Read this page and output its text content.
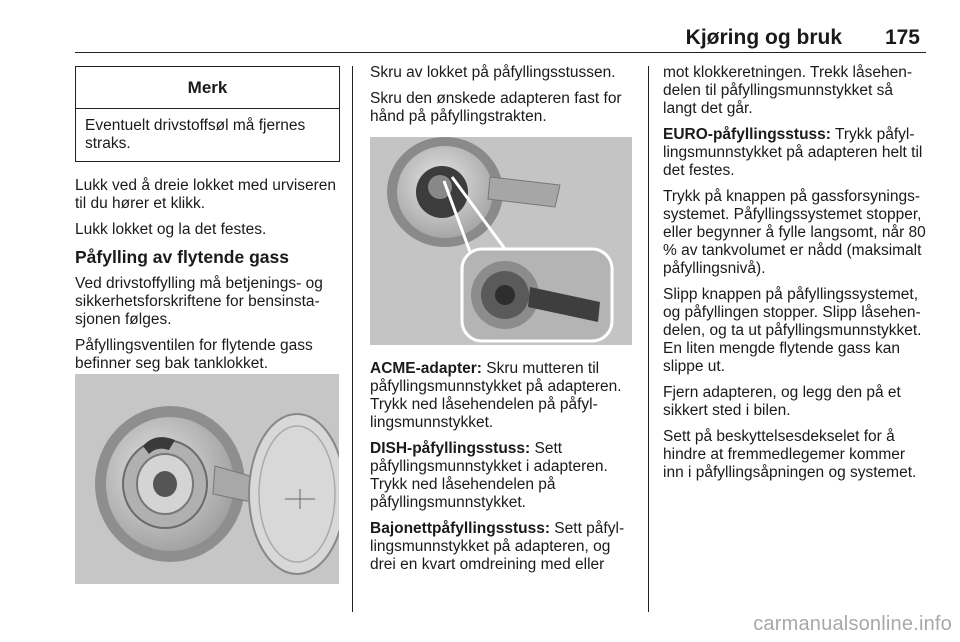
Kjøring og bruk 175
Merk
Eventuelt drivstoffsøl må fjernes straks.

Lukk ved å dreie lokket med urviseren til du hører et klikk.

Lukk lokket og la det festes.

Påfylling av flytende gass

Ved drivstoffylling må betjenings- og sikkerhetsforskriftene for bensinstasjonen følges.

Påfyllingsventilen for flytende gass befinner seg bak tanklokket.

Skru av lokket på påfyllingsstussen.

Skru den ønskede adapteren fast for hånd på påfyllingstrakten.

ACME-adapter: Skru mutteren til påfyllingsmunnstykket på adapteren. Trykk ned låsehendelen på påfyllingsmunnstykket.

DISH-påfyllingsstuss: Sett påfyllingsmunnstykket i adapteren. Trykk ned låsehendelen på påfyllingsmunnstykket.

Bajonettpåfyllingsstuss: Sett påfyllingsmunnstykket på adapteren, og drei en kvart omdreining med eller

mot klokkeretningen. Trekk låsehendelen til påfyllingsmunnstykket så langt det går.

EURO-påfyllingsstuss: Trykk påfyllingsmunnstykket på adapteren helt til det festes.

Trykk på knappen på gassforsyningssystemet. Påfyllingssystemet stopper, eller begynner å fylle langsomt, når 80 % av tankvolumet er nådd (maksimalt påfyllingsnivå).

Slipp knappen på påfyllingssystemet, og påfyllingen stopper. Slipp låsehendelen, og ta ut påfyllingsmunnstykket. En liten mengde flytende gass kan slippe ut.

Fjern adapteren, og legg den på et sikkert sted i bilen.

Sett på beskyttelsesdekselet for å hindre at fremmedlegemer kommer inn i påfyllingsåpningen og systemet.

carmanualsonline.info
